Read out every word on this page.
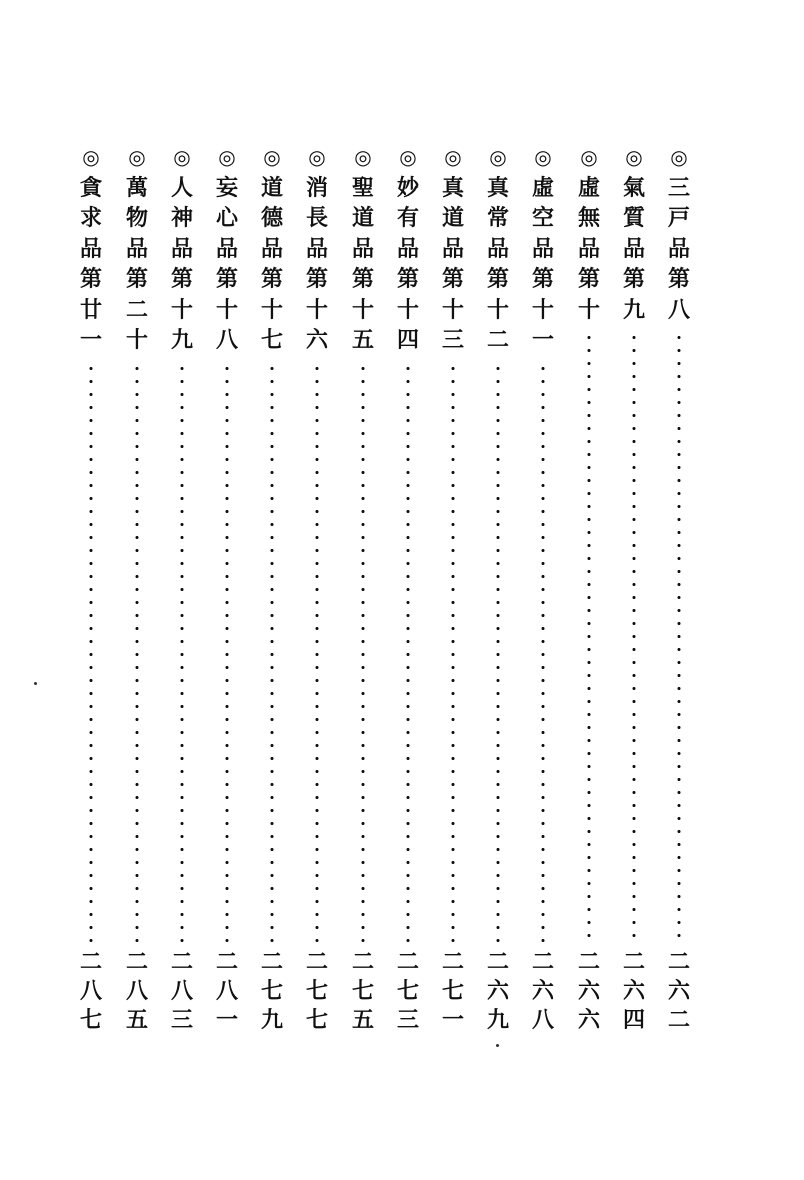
◎
三
戸
品
第
八
二
六
二
◎
氣
質
品
第
九
二
六
四
◎
虛
無
品
第
十
二
六
六
◎
虛
空
品
第
十
一
二
六
八
◎
真
常
品
第
十
二
二
六
九
◎
真
道
品
第
十
三
二
七
一
◎
妙
有
品
第
十
四
二
七
三
◎
聖
道
品
第
十
五
二
七
五
◎
消
長
品
第
十
六
二
七
七
◎
道
德
品
第
十
七
二
七
九
◎
妄
心
品
第
十
八
二
八
一
◎
人
神
品
第
十
九
二
八
三
◎
萬
物
品
第
二
十
二
八
五
◎
貪
求
品
第
廿
一
二
八
七
